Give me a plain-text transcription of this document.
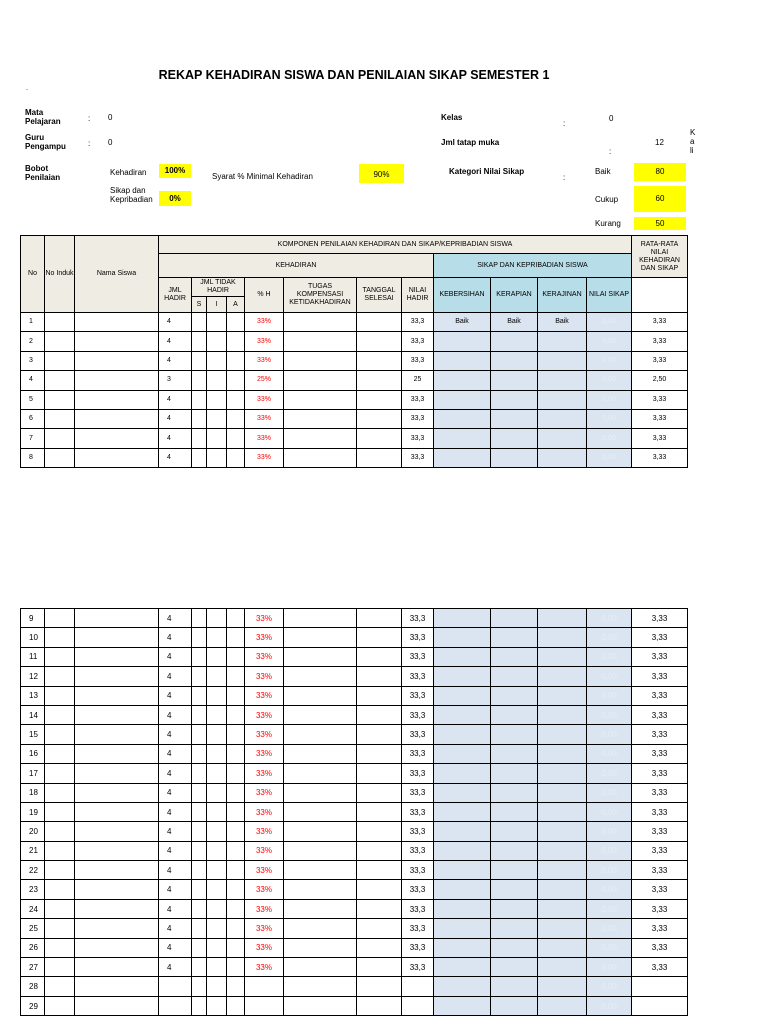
REKAP KEHADIRAN SISWA DAN PENILAIAN SIKAP SEMESTER 1
`
Mata Pelajaran	: 0
Guru Pengampu	: 0
Kelas
:
0
Jml tatap muka
:
12
Kali
Bobot Penilaian
Kehadiran	100%
Sikap dan Kepribadian	0%
Syarat % Minimal Kehadiran	90%	Kategori Nilai Sikap
:
Baik	80
Cukup	60
Kurang	50
No	No Induk	Nama Siswa	KOMPONEN PENILAIAN KEHADIRAN DAN SIKAP/KEPRIBADIAN SISWA												RATA-RATA NILAI KEHADIRAN DAN SIKAP
			KEHADIRAN								SIKAP DAN KEPRIBADIAN SISWA				
			JML HADIR	JML TIDAK HADIR			% H	TUGAS KOMPENSASI KETIDAKHADIRAN	TANGGAL SELESAI	NILAI HADIR	KEBERSIHAN	KERAPIAN	KERAJINAN	NILAI SIKAP	
				S	I	A									
1			4				33%			33,3	Baik	Baik	Baik	0,00	3,33
2			4				33%			33,3				0,00	3,33
3			4				33%			33,3				0,00	3,33
4			3				25%			25				0,00	2,50
5			4				33%			33,3				0,00	3,33
6			4				33%			33,3				0,00	3,33
7			4				33%			33,3				0,00	3,33
8			4				33%			33,3				0,00	3,33
9			4				33%			33,3				0,00	3,33
10			4				33%			33,3				0,00	3,33
11			4				33%			33,3				0,00	3,33
12			4				33%			33,3				0,00	3,33
13			4				33%			33,3				0,00	3,33
14			4				33%			33,3				0,00	3,33
15			4				33%			33,3				0,00	3,33
16			4				33%			33,3				0,00	3,33
17			4				33%			33,3				0,00	3,33
18			4				33%			33,3				0,00	3,33
19			4				33%			33,3				0,00	3,33
20			4				33%			33,3				0,00	3,33
21			4				33%			33,3				0,00	3,33
22			4				33%			33,3				0,00	3,33
23			4				33%			33,3				0,00	3,33
24			4				33%			33,3				0,00	3,33
25			4				33%			33,3				0,00	3,33
26			4				33%			33,3				0,00	3,33
27			4				33%			33,3				0,00	3,33
28														0,00	
29														0,00	
